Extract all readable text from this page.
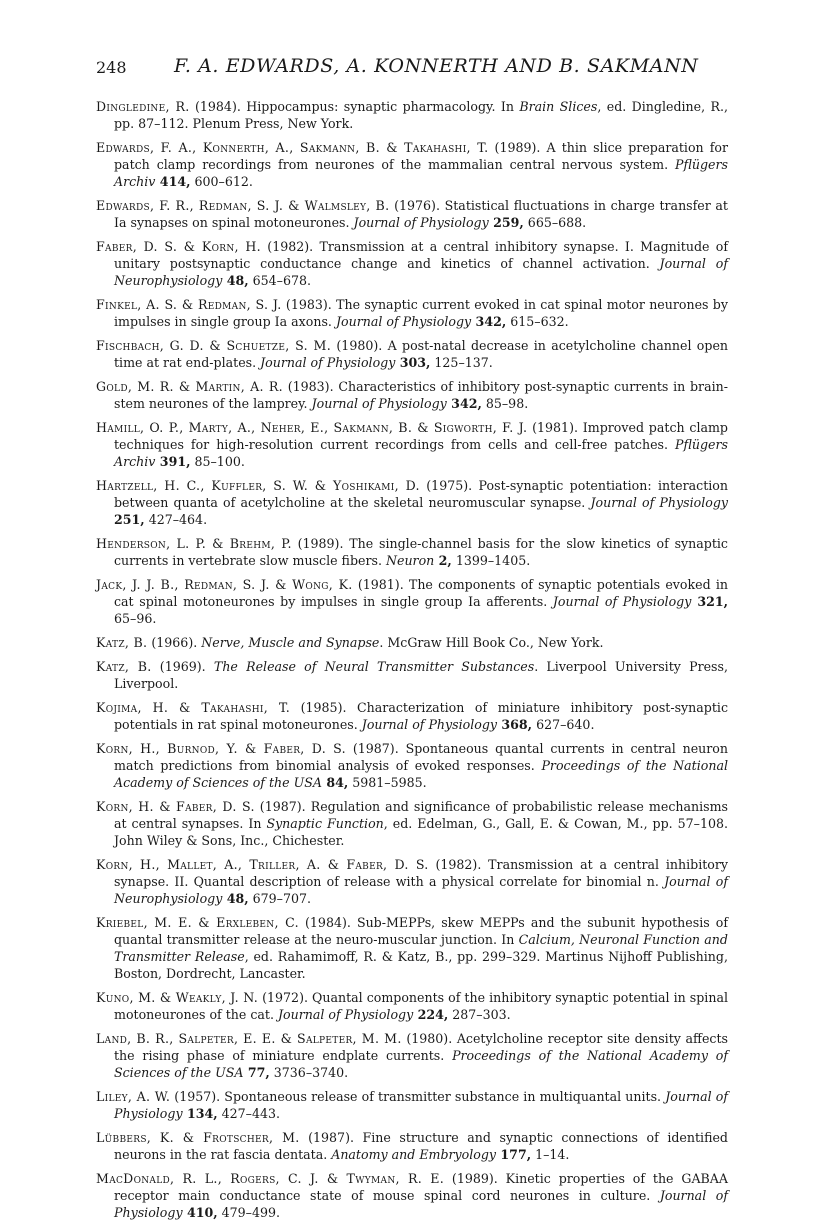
248 F. A. EDWARDS, A. KONNERTH AND B. SAKMANN

Dingledine, R. (1984). Hippocampus: synaptic pharmacology. In Brain Slices, ed. Dingledine, R., pp. 87–112. Plenum Press, New York.

Edwards, F. A., Konnerth, A., Sakmann, B. & Takahashi, T. (1989). A thin slice preparation for patch clamp recordings from neurones of the mammalian central nervous system. Pflügers Archiv 414, 600–612.

Edwards, F. R., Redman, S. J. & Walmsley, B. (1976). Statistical fluctuations in charge transfer at Ia synapses on spinal motoneurones. Journal of Physiology 259, 665–688.

Faber, D. S. & Korn, H. (1982). Transmission at a central inhibitory synapse. I. Magnitude of unitary postsynaptic conductance change and kinetics of channel activation. Journal of Neurophysiology 48, 654–678.

Finkel, A. S. & Redman, S. J. (1983). The synaptic current evoked in cat spinal motor neurones by impulses in single group Ia axons. Journal of Physiology 342, 615–632.

Fischbach, G. D. & Schuetze, S. M. (1980). A post-natal decrease in acetylcholine channel open time at rat end-plates. Journal of Physiology 303, 125–137.

Gold, M. R. & Martin, A. R. (1983). Characteristics of inhibitory post-synaptic currents in brain-stem neurones of the lamprey. Journal of Physiology 342, 85–98.

Hamill, O. P., Marty, A., Neher, E., Sakmann, B. & Sigworth, F. J. (1981). Improved patch clamp techniques for high-resolution current recordings from cells and cell-free patches. Pflügers Archiv 391, 85–100.

Hartzell, H. C., Kuffler, S. W. & Yoshikami, D. (1975). Post-synaptic potentiation: interaction between quanta of acetylcholine at the skeletal neuromuscular synapse. Journal of Physiology 251, 427–464.

Henderson, L. P. & Brehm, P. (1989). The single-channel basis for the slow kinetics of synaptic currents in vertebrate slow muscle fibers. Neuron 2, 1399–1405.

Jack, J. J. B., Redman, S. J. & Wong, K. (1981). The components of synaptic potentials evoked in cat spinal motoneurones by impulses in single group Ia afferents. Journal of Physiology 321, 65–96.

Katz, B. (1966). Nerve, Muscle and Synapse. McGraw Hill Book Co., New York.

Katz, B. (1969). The Release of Neural Transmitter Substances. Liverpool University Press, Liverpool.

Kojima, H. & Takahashi, T. (1985). Characterization of miniature inhibitory post-synaptic potentials in rat spinal motoneurones. Journal of Physiology 368, 627–640.

Korn, H., Burnod, Y. & Faber, D. S. (1987). Spontaneous quantal currents in central neuron match predictions from binomial analysis of evoked responses. Proceedings of the National Academy of Sciences of the USA 84, 5981–5985.

Korn, H. & Faber, D. S. (1987). Regulation and significance of probabilistic release mechanisms at central synapses. In Synaptic Function, ed. Edelman, G., Gall, E. & Cowan, M., pp. 57–108. John Wiley & Sons, Inc., Chichester.

Korn, H., Mallet, A., Triller, A. & Faber, D. S. (1982). Transmission at a central inhibitory synapse. II. Quantal description of release with a physical correlate for binomial n. Journal of Neurophysiology 48, 679–707.

Kriebel, M. E. & Erxleben, C. (1984). Sub-MEPPs, skew MEPPs and the subunit hypothesis of quantal transmitter release at the neuro-muscular junction. In Calcium, Neuronal Function and Transmitter Release, ed. Rahamimoff, R. & Katz, B., pp. 299–329. Martinus Nijhoff Publishing, Boston, Dordrecht, Lancaster.

Kuno, M. & Weakly, J. N. (1972). Quantal components of the inhibitory synaptic potential in spinal motoneurones of the cat. Journal of Physiology 224, 287–303.

Land, B. R., Salpeter, E. E. & Salpeter, M. M. (1980). Acetylcholine receptor site density affects the rising phase of miniature endplate currents. Proceedings of the National Academy of Sciences of the USA 77, 3736–3740.

Liley, A. W. (1957). Spontaneous release of transmitter substance in multiquantal units. Journal of Physiology 134, 427–443.

Lübbers, K. & Frotscher, M. (1987). Fine structure and synaptic connections of identified neurons in the rat fascia dentata. Anatomy and Embryology 177, 1–14.

MacDonald, R. L., Rogers, C. J. & Twyman, R. E. (1989). Kinetic properties of the GABAA receptor main conductance state of mouse spinal cord neurones in culture. Journal of Physiology 410, 479–499.
